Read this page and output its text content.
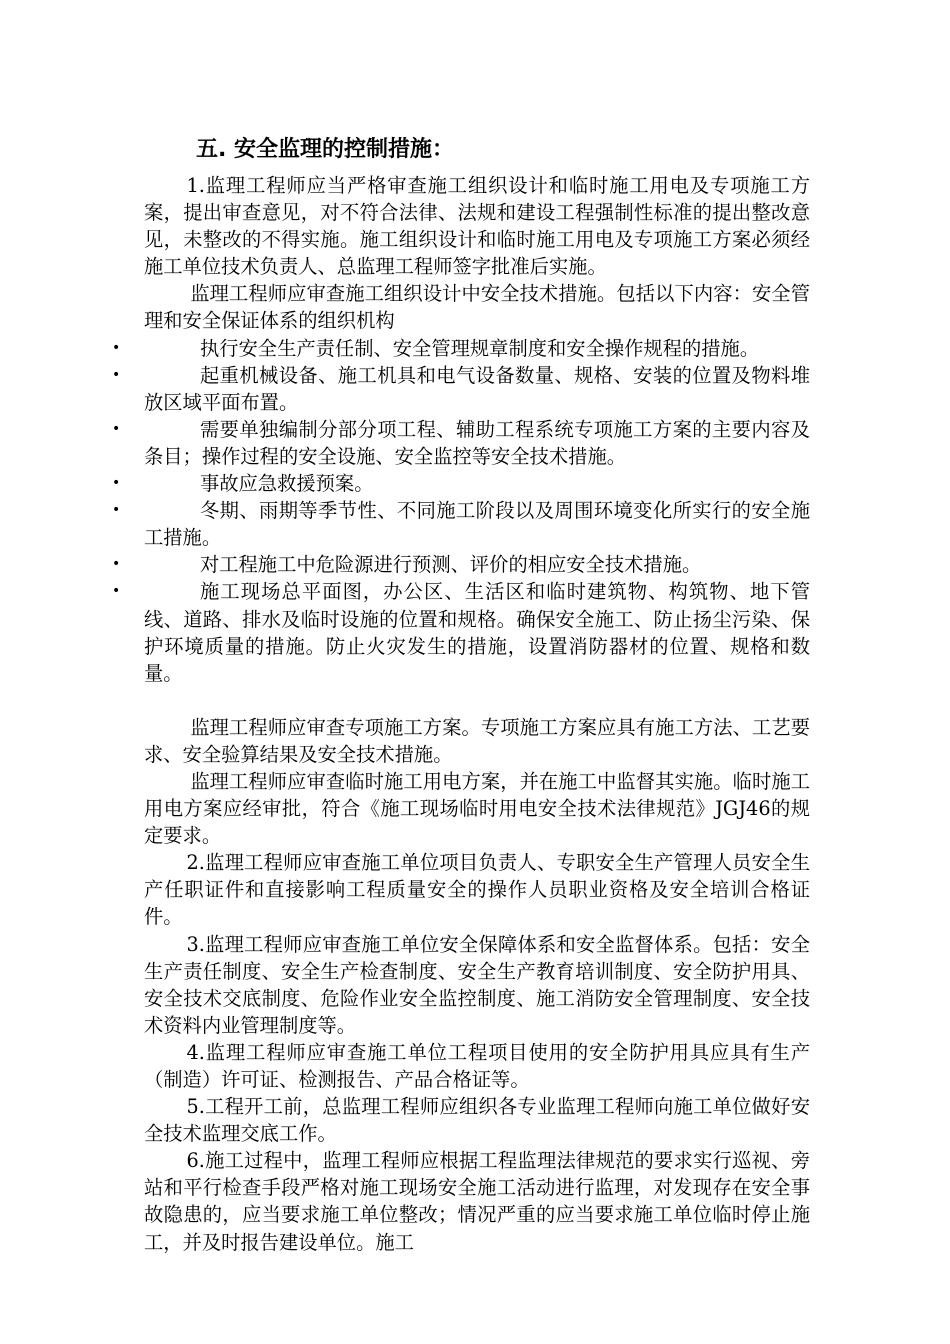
五. 安全监理的控制措施：

1.监理工程师应当严格审查施工组织设计和临时施工用电及专项施工方案，提出审查意见，对不符合法律、法规和建设工程强制性标准的提出整改意见，未整改的不得实施。施工组织设计和临时施工用电及专项施工方案必须经施工单位技术负责人、总监理工程师签字批准后实施。

监理工程师应审查施工组织设计中安全技术措施。包括以下内容：安全管理和安全保证体系的组织机构

•	执行安全生产责任制、安全管理规章制度和安全操作规程的措施。

•	起重机械设备、施工机具和电气设备数量、规格、安装的位置及物料堆放区域平面布置。

•	需要单独编制分部分项工程、辅助工程系统专项施工方案的主要内容及条目；操作过程的安全设施、安全监控等安全技术措施。

•	事故应急救援预案。

•	冬期、雨期等季节性、不同施工阶段以及周围环境变化所实行的安全施工措施。

•	对工程施工中危险源进行预测、评价的相应安全技术措施。

•	施工现场总平面图，办公区、生活区和临时建筑物、构筑物、地下管线、道路、排水及临时设施的位置和规格。确保安全施工、防止扬尘污染、保护环境质量的措施。防止火灾发生的措施，设置消防器材的位置、规格和数量。

监理工程师应审查专项施工方案。专项施工方案应具有施工方法、工艺要求、安全验算结果及安全技术措施。

监理工程师应审查临时施工用电方案，并在施工中监督其实施。临时施工用电方案应经审批，符合《施工现场临时用电安全技术法律规范》JGJ46的规定要求。

2.监理工程师应审查施工单位项目负责人、专职安全生产管理人员安全生产任职证件和直接影响工程质量安全的操作人员职业资格及安全培训合格证件。

3.监理工程师应审查施工单位安全保障体系和安全监督体系。包括：安全生产责任制度、安全生产检查制度、安全生产教育培训制度、安全防护用具、安全技术交底制度、危险作业安全监控制度、施工消防安全管理制度、安全技术资料内业管理制度等。

4.监理工程师应审查施工单位工程项目使用的安全防护用具应具有生产（制造）许可证、检测报告、产品合格证等。

5.工程开工前，总监理工程师应组织各专业监理工程师向施工单位做好安全技术监理交底工作。

6.施工过程中，监理工程师应根据工程监理法律规范的要求实行巡视、旁站和平行检查手段严格对施工现场安全施工活动进行监理，对发现存在安全事故隐患的，应当要求施工单位整改；情况严重的应当要求施工单位临时停止施工，并及时报告建设单位。施工
